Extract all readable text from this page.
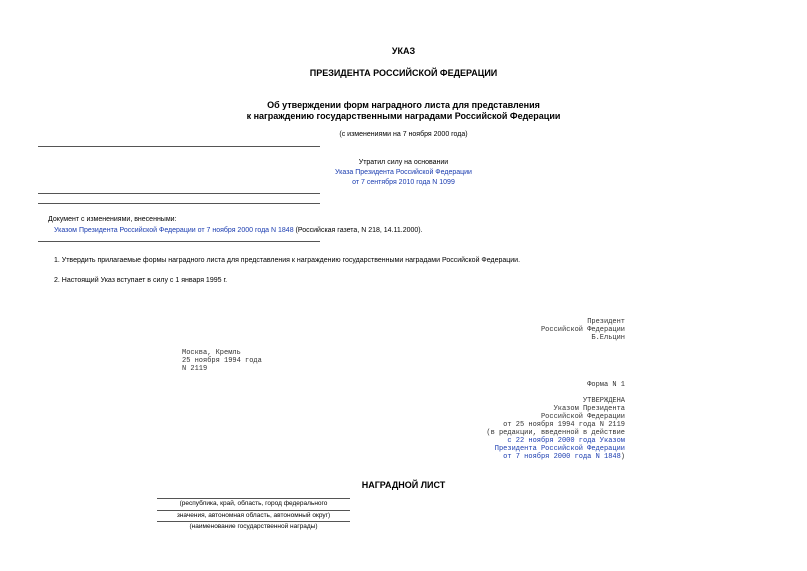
УКАЗ
ПРЕЗИДЕНТА РОССИЙСКОЙ ФЕДЕРАЦИИ
Об утверждении форм наградного листа для представления
к награждению государственными наградами Российской Федерации
(с изменениями на 7 ноября 2000 года)
Утратил силу на основании
Указа Президента Российской Федерации
от 7 сентября 2010 года N 1099
Документ с изменениями, внесенными:
Указом Президента Российской Федерации от 7 ноября 2000 года N 1848 (Российская газета, N 218, 14.11.2000).
1. Утвердить прилагаемые формы наградного листа для представления к награждению государственными наградами Российской Федерации.
2. Настоящий Указ вступает в силу с 1 января 1995 г.
Президент
Российской Федерации
Б.Ельцин
Москва, Кремль
25 ноября 1994 года
N 2119
Форма N 1
УТВЕРЖДЕНА
Указом Президента
Российской Федерации
от 25 ноября 1994 года N 2119
(в редакции, введенной в действие
с 22 ноября 2000 года Указом
Президента Российской Федерации
от 7 ноября 2000 года N 1848)
НАГРАДНОЙ ЛИСТ
(республика, край, область, город федерального
значения, автономная область, автономный округ)
(наименование государственной награды)
